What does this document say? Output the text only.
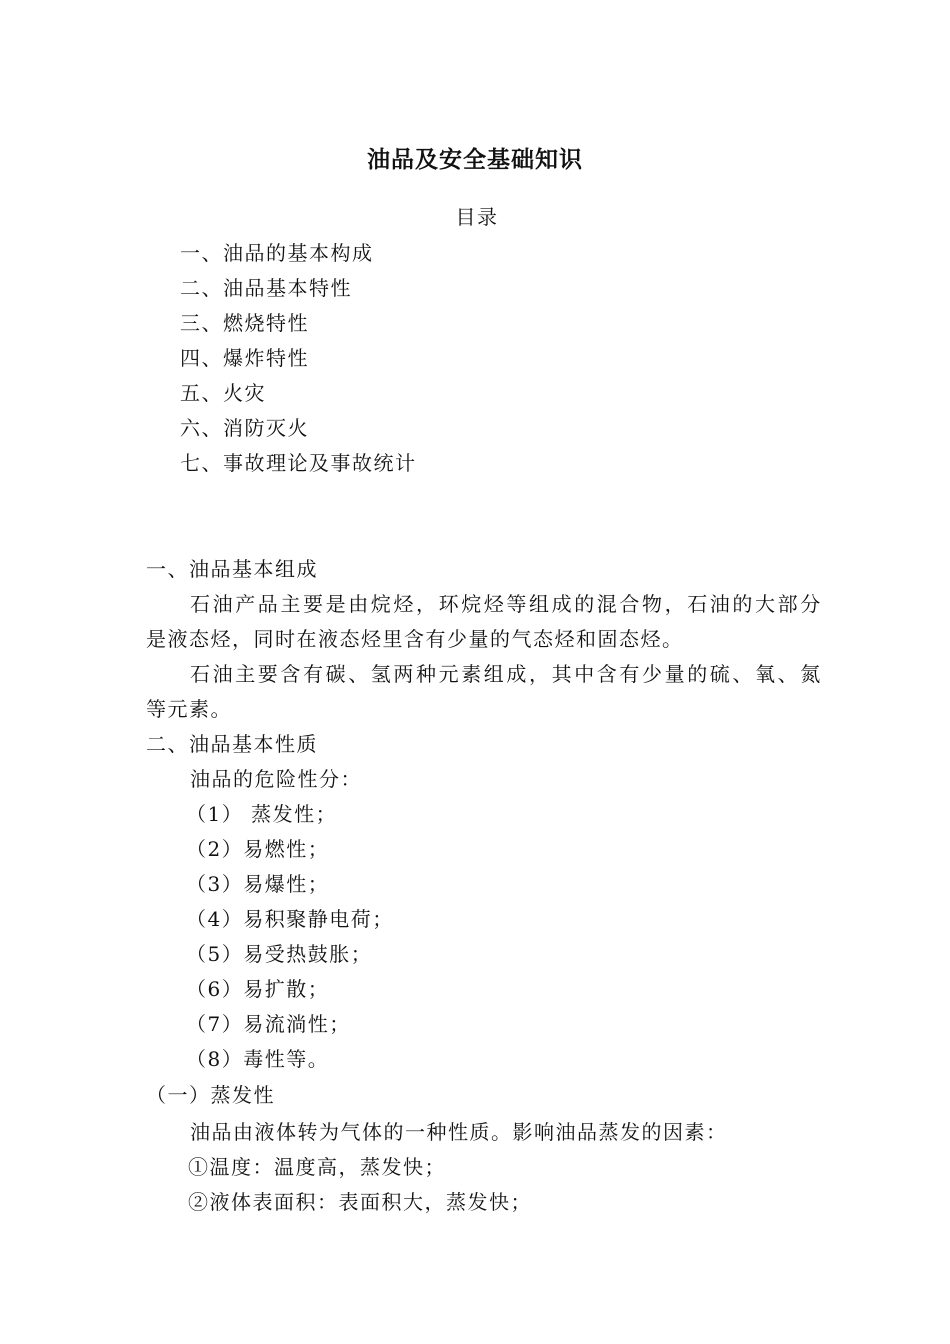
油品及安全基础知识
目录
一、油品的基本构成
二、油品基本特性
三、燃烧特性
四、爆炸特性
五、火灾
六、消防灭火
七、事故理论及事故统计
一、油品基本组成
石油产品主要是由烷烃，环烷烃等组成的混合物，石油的大部分
是液态烃，同时在液态烃里含有少量的气态烃和固态烃。
石油主要含有碳、氢两种元素组成，其中含有少量的硫、氧、氮
等元素。
二、油品基本性质
油品的危险性分：
（1） 蒸发性；
（2）易燃性；
（3）易爆性；
（4）易积聚静电荷；
（5）易受热鼓胀；
（6）易扩散；
（7）易流淌性；
（8）毒性等。
（一）蒸发性
油品由液体转为气体的一种性质。影响油品蒸发的因素：
①温度：温度高，蒸发快；
②液体表面积：表面积大，蒸发快；
